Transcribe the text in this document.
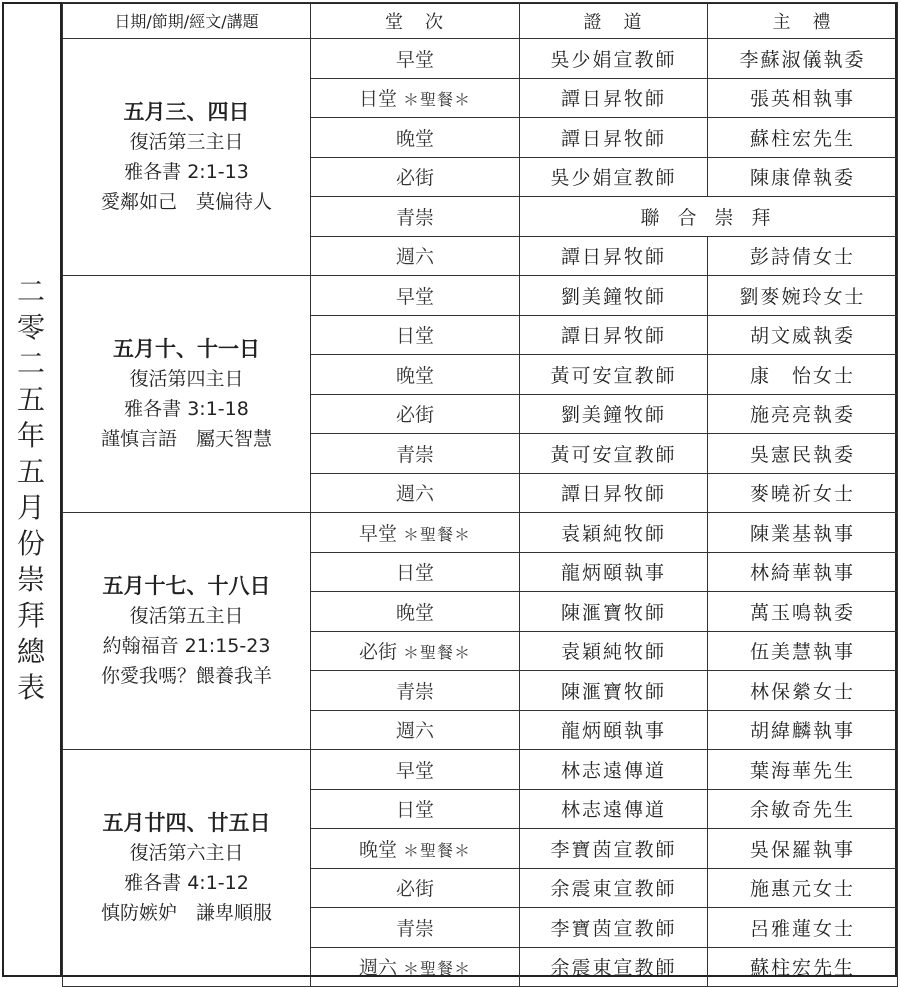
二
零
二
五
年
五
月
份
崇
拜
總
表
日期/節期/經文/講題	堂　次	證　道	主　禮

五月三、四日
復活第三主日
雅各書 2:1-13
愛鄰如己　莫偏待人	早堂	吳少娟宣教師	李蘇淑儀執委
	日堂 ＊聖餐＊	譚日昇牧師	張英相執事
	晚堂	譚日昇牧師	蘇柱宏先生
	必街	吳少娟宣教師	陳康偉執委
	青崇	聯 合 崇 拜	
	週六	譚日昇牧師	彭詩倩女士

五月十、十一日
復活第四主日
雅各書 3:1-18
謹慎言語　屬天智慧	早堂	劉美鐘牧師	劉麥婉玲女士
	日堂	譚日昇牧師	胡文威執委
	晚堂	黃可安宣教師	康　怡女士
	必街	劉美鐘牧師	施亮亮執委
	青崇	黃可安宣教師	吳憲民執委
	週六	譚日昇牧師	麥曉祈女士

五月十七、十八日
復活第五主日
約翰福音 21:15-23
你愛我嗎？餵養我羊	早堂 ＊聖餐＊	袁穎純牧師	陳業基執事
	日堂	龍炳頤執事	林綺華執事
	晚堂	陳滙寶牧師	萬玉鳴執委
	必街 ＊聖餐＊	袁穎純牧師	伍美慧執事
	青崇	陳滙寶牧師	林保縈女士
	週六	龍炳頤執事	胡緯麟執事

五月廿四、廿五日
復活第六主日
雅各書 4:1-12
慎防嫉妒　謙卑順服	早堂	林志遠傳道	葉海華先生
	日堂	林志遠傳道	余敏奇先生
	晚堂 ＊聖餐＊	李寶茵宣教師	吳保羅執事
	必街	余震東宣教師	施惠元女士
	青崇	李寶茵宣教師	呂雅蓮女士
	週六 ＊聖餐＊	余震東宣教師	蘇柱宏先生
